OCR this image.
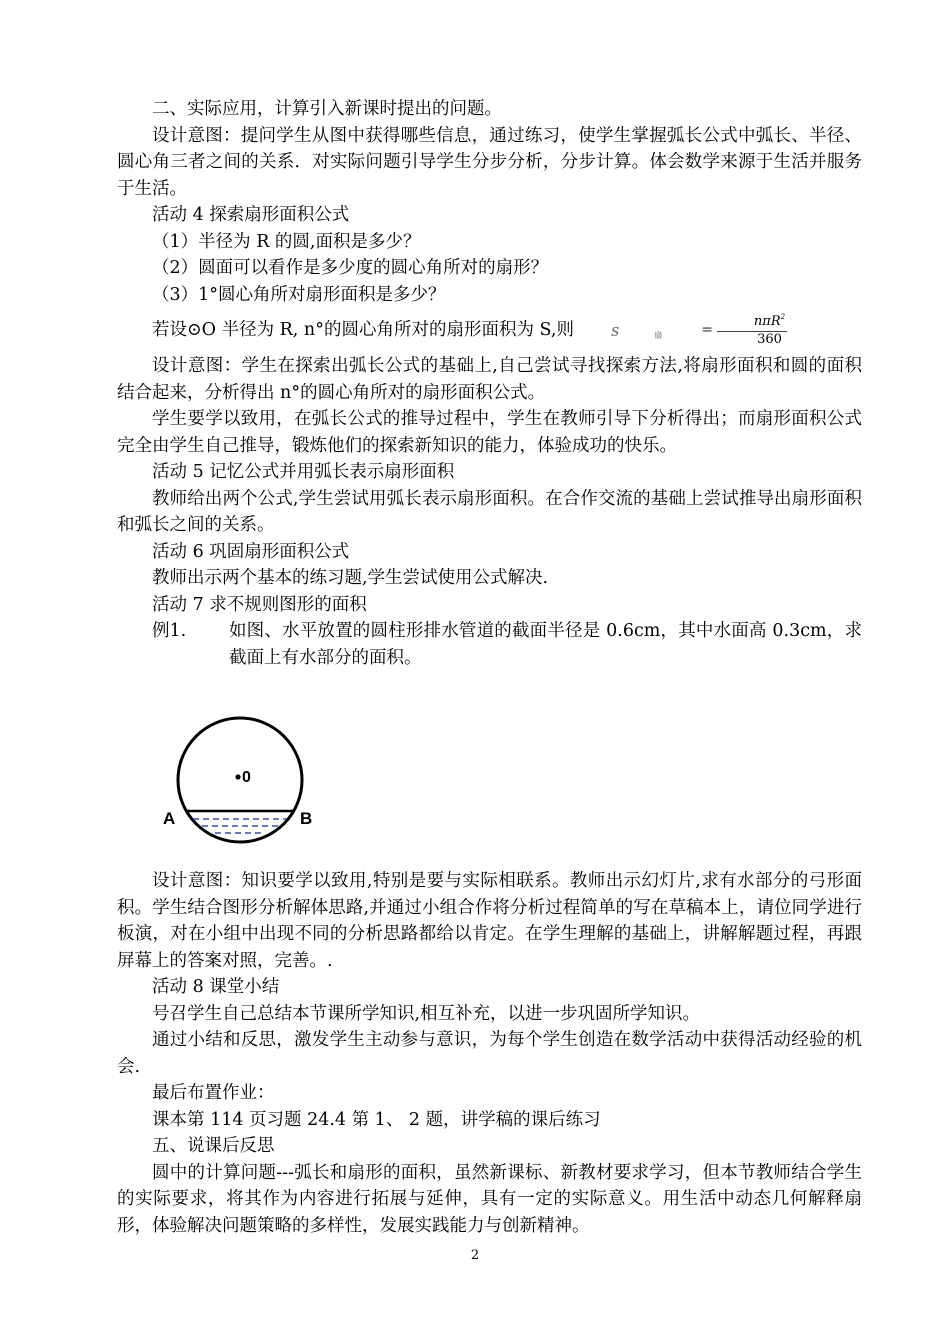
二、实际应用，计算引入新课时提出的问题。

设计意图：提问学生从图中获得哪些信息，通过练习，使学生掌握弧长公式中弧长、半径、圆心角三者之间的关系．对实际问题引导学生分步分析，分步计算。体会数学来源于生活并服务于生活。

活动 4 探索扇形面积公式

（1）半径为 R 的圆,面积是多少？

（2）圆面可以看作是多少度的圆心角所对的扇形？

（3）1°圆心角所对扇形面积是多少？

若设⊙O 半径为 R, n°的圆心角所对的扇形面积为 S,则	S	扇	= $\frac{n\pi R^2}{360}$

设计意图：学生在探索出弧长公式的基础上,自己尝试寻找探索方法,将扇形面积和圆的面积结合起来，分析得出 n°的圆心角所对的扇形面积公式。

学生要学以致用，在弧长公式的推导过程中，学生在教师引导下分析得出；而扇形面积公式完全由学生自己推导，锻炼他们的探索新知识的能力，体验成功的快乐。

活动 5 记忆公式并用弧长表示扇形面积

教师给出两个公式,学生尝试用弧长表示扇形面积。在合作交流的基础上尝试推导出扇形面积和弧长之间的关系。

活动 6 巩固扇形面积公式

教师出示两个基本的练习题,学生尝试使用公式解决.

活动 7 求不规则图形的面积

例1.	如图、水平放置的圆柱形排水管道的截面半径是 0.6cm，其中水面高 0.3cm，求截面上有水部分的面积。
0
A	B

设计意图：知识要学以致用,特别是要与实际相联系。教师出示幻灯片,求有水部分的弓形面积。学生结合图形分析解体思路,并通过小组合作将分析过程简单的写在草稿本上，请位同学进行板演，对在小组中出现不同的分析思路都给以肯定。在学生理解的基础上，讲解解题过程，再跟屏幕上的答案对照，完善。.

活动 8 课堂小结

号召学生自己总结本节课所学知识,相互补充，以进一步巩固所学知识。

通过小结和反思，激发学生主动参与意识，为每个学生创造在数学活动中获得活动经验的机会.

最后布置作业：

课本第 114 页习题 24.4 第 1、 2 题，讲学稿的课后练习

五、说课后反思

圆中的计算问题---弧长和扇形的面积，虽然新课标、新教材要求学习，但本节教师结合学生的实际要求，将其作为内容进行拓展与延伸，具有一定的实际意义。用生活中动态几何解释扇形，体验解决问题策略的多样性，发展实践能力与创新精神。

2
